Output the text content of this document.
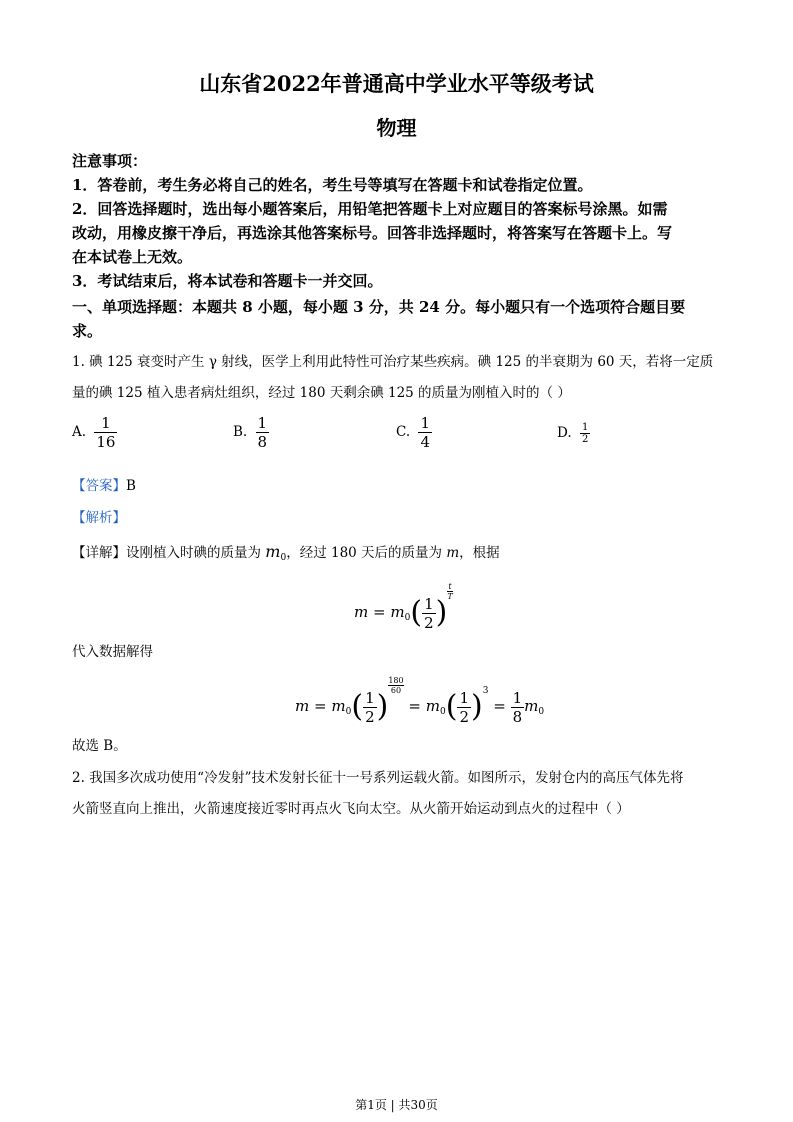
山东省2022年普通高中学业水平等级考试
物理
注意事项：
1．答卷前，考生务必将自己的姓名，考生号等填写在答题卡和试卷指定位置。
2．回答选择题时，选出每小题答案后，用铅笔把答题卡上对应题目的答案标号涂黑。如需
改动，用橡皮擦干净后，再选涂其他答案标号。回答非选择题时，将答案写在答题卡上。写
在本试卷上无效。
3．考试结束后，将本试卷和答题卡一并交回。
一、单项选择题：本题共 8 小题，每小题 3 分，共 24 分。每小题只有一个选项符合题目要
求。
1. 碘 125 衰变时产生 γ 射线，医学上利用此特性可治疗某些疾病。碘 125 的半衰期为 60 天，若将一定质
量的碘 125 植入患者病灶组织，经过 180 天剩余碘 125 的质量为刚植入时的（ ）
A. $\frac{1}{16}$	B. $\frac{1}{8}$	C. $\frac{1}{4}$	D. $\frac{1}{2}$
【答案】B
【解析】
【详解】设刚植入时碘的质量为 $m_0$，经过 180 天后的质量为 m，根据
$m = m_0( \frac{1}{2}$ )
$\frac{t}{T}$
代入数据解得
$m = m_0( \frac{1}{2}$ )
$\frac{180}{60}$
= $m_0( \frac{1}{2} )^3 = \frac{1}{8} m_0$
故选 B。
2. 我国多次成功使用“冷发射”技术发射长征十一号系列运载火箭。如图所示，发射仓内的高压气体先将
火箭竖直向上推出，火箭速度接近零时再点火飞向太空。从火箭开始运动到点火的过程中（ ）
第1页 | 共30页
